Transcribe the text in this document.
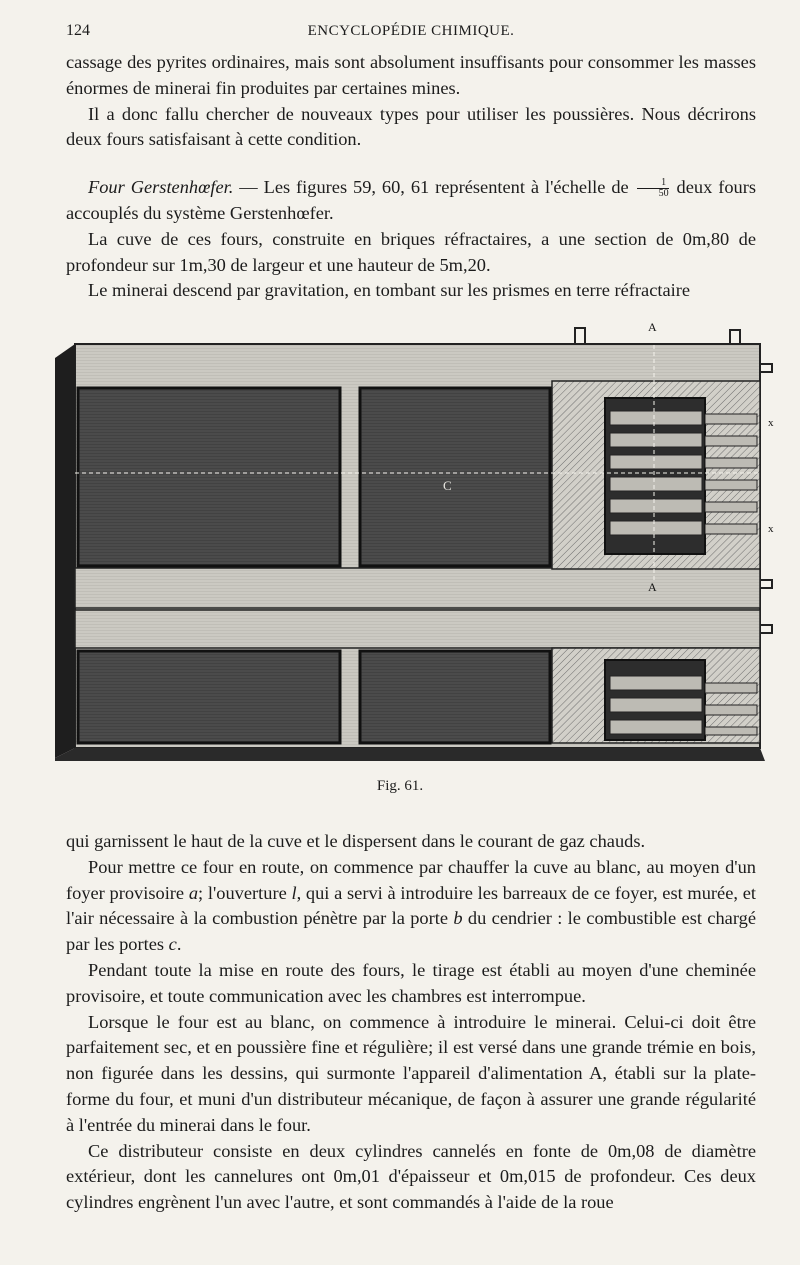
124	ENCYCLOPÉDIE CHIMIQUE.

cassage des pyrites ordinaires, mais sont absolument insuffisants pour consommer les masses énormes de minerai fin produites par certaines mines.

Il a donc fallu chercher de nouveaux types pour utiliser les poussières. Nous décrirons deux fours satisfaisant à cette condition.

Four Gerstenhœfer. — Les figures 59, 60, 61 représentent à l'échelle de $\frac{1}{50}$ deux fours accouplés du système Gerstenhœfer.

La cuve de ces fours, construite en briques réfractaires, a une section de 0m,80 de profondeur sur 1m,30 de largeur et une hauteur de 5m,20.

Le minerai descend par gravitation, en tombant sur les prismes en terre réfractaire

A
A
C
x
x
Fig. 61.

qui garnissent le haut de la cuve et le dispersent dans le courant de gaz chauds.

Pour mettre ce four en route, on commence par chauffer la cuve au blanc, au moyen d'un foyer provisoire a; l'ouverture l, qui a servi à introduire les barreaux de ce foyer, est murée, et l'air nécessaire à la combustion pénètre par la porte b du cendrier : le combustible est chargé par les portes c.

Pendant toute la mise en route des fours, le tirage est établi au moyen d'une cheminée provisoire, et toute communication avec les chambres est interrompue.

Lorsque le four est au blanc, on commence à introduire le minerai. Celui-ci doit être parfaitement sec, et en poussière fine et régulière; il est versé dans une grande trémie en bois, non figurée dans les dessins, qui surmonte l'appareil d'alimentation A, établi sur la plate-forme du four, et muni d'un distributeur mécanique, de façon à assurer une grande régularité à l'entrée du minerai dans le four.

Ce distributeur consiste en deux cylindres cannelés en fonte de 0m,08 de diamètre extérieur, dont les cannelures ont 0m,01 d'épaisseur et 0m,015 de profondeur. Ces deux cylindres engrènent l'un avec l'autre, et sont commandés à l'aide de la roue
